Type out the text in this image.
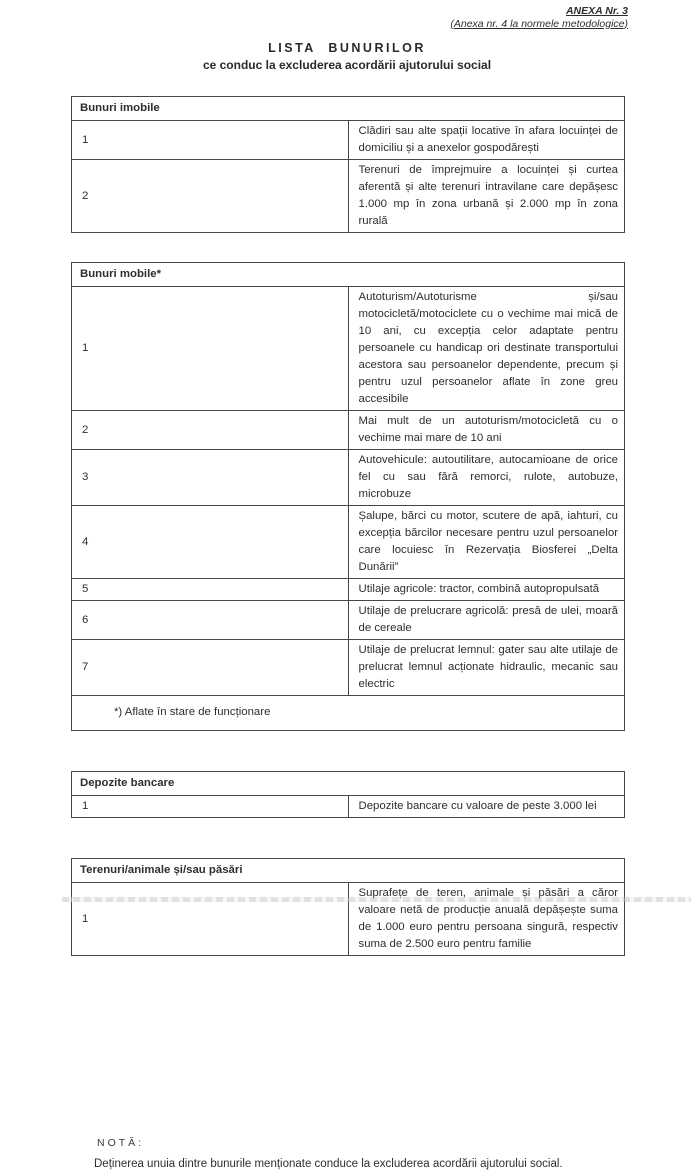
ANEXA Nr. 3
(Anexa nr. 4 la normele metodologice)
LISTA BUNURILOR
ce conduc la excluderea acordării ajutorului social
Bunuri imobile	
1	Clădiri sau alte spații locative în afara locuinței de domiciliu și a anexelor gospodărești
2	Terenuri de împrejmuire a locuinței și curtea aferentă și alte terenuri intravilane care depășesc 1.000 mp în zona urbană și 2.000 mp în zona rurală
Bunuri mobile*	
1	Autoturism/Autoturisme și/sau motocicletă/motociclete cu o vechime mai mică de 10 ani, cu excepția celor adaptate pentru persoanele cu handicap ori destinate transportului acestora sau persoanelor dependente, precum și pentru uzul persoanelor aflate în zone greu accesibile
2	Mai mult de un autoturism/motocicletă cu o vechime mai mare de 10 ani
3	Autovehicule: autoutilitare, autocamioane de orice fel cu sau fără remorci, rulote, autobuze, microbuze
4	Șalupe, bărci cu motor, scutere de apă, iahturi, cu excepția bărcilor necesare pentru uzul persoanelor care locuiesc în Rezervația Biosferei „Delta Dunării”
5	Utilaje agricole: tractor, combină autopropulsată
6	Utilaje de prelucrare agricolă: presă de ulei, moară de cereale
7	Utilaje de prelucrat lemnul: gater sau alte utilaje de prelucrat lemnul acționate hidraulic, mecanic sau electric
*) Aflate în stare de funcționare	
Depozite bancare
1	Depozite bancare cu valoare de peste 3.000 lei
Terenuri/animale și/sau păsări
1	Suprafețe de teren, animale și păsări a căror valoare netă de producție anuală depășește suma de 1.000 euro pentru persoana singură, respectiv suma de 2.500 euro pentru familie
NOTĂ:
Deținerea unuia dintre bunurile menționate conduce la excluderea acordării ajutorului social.
